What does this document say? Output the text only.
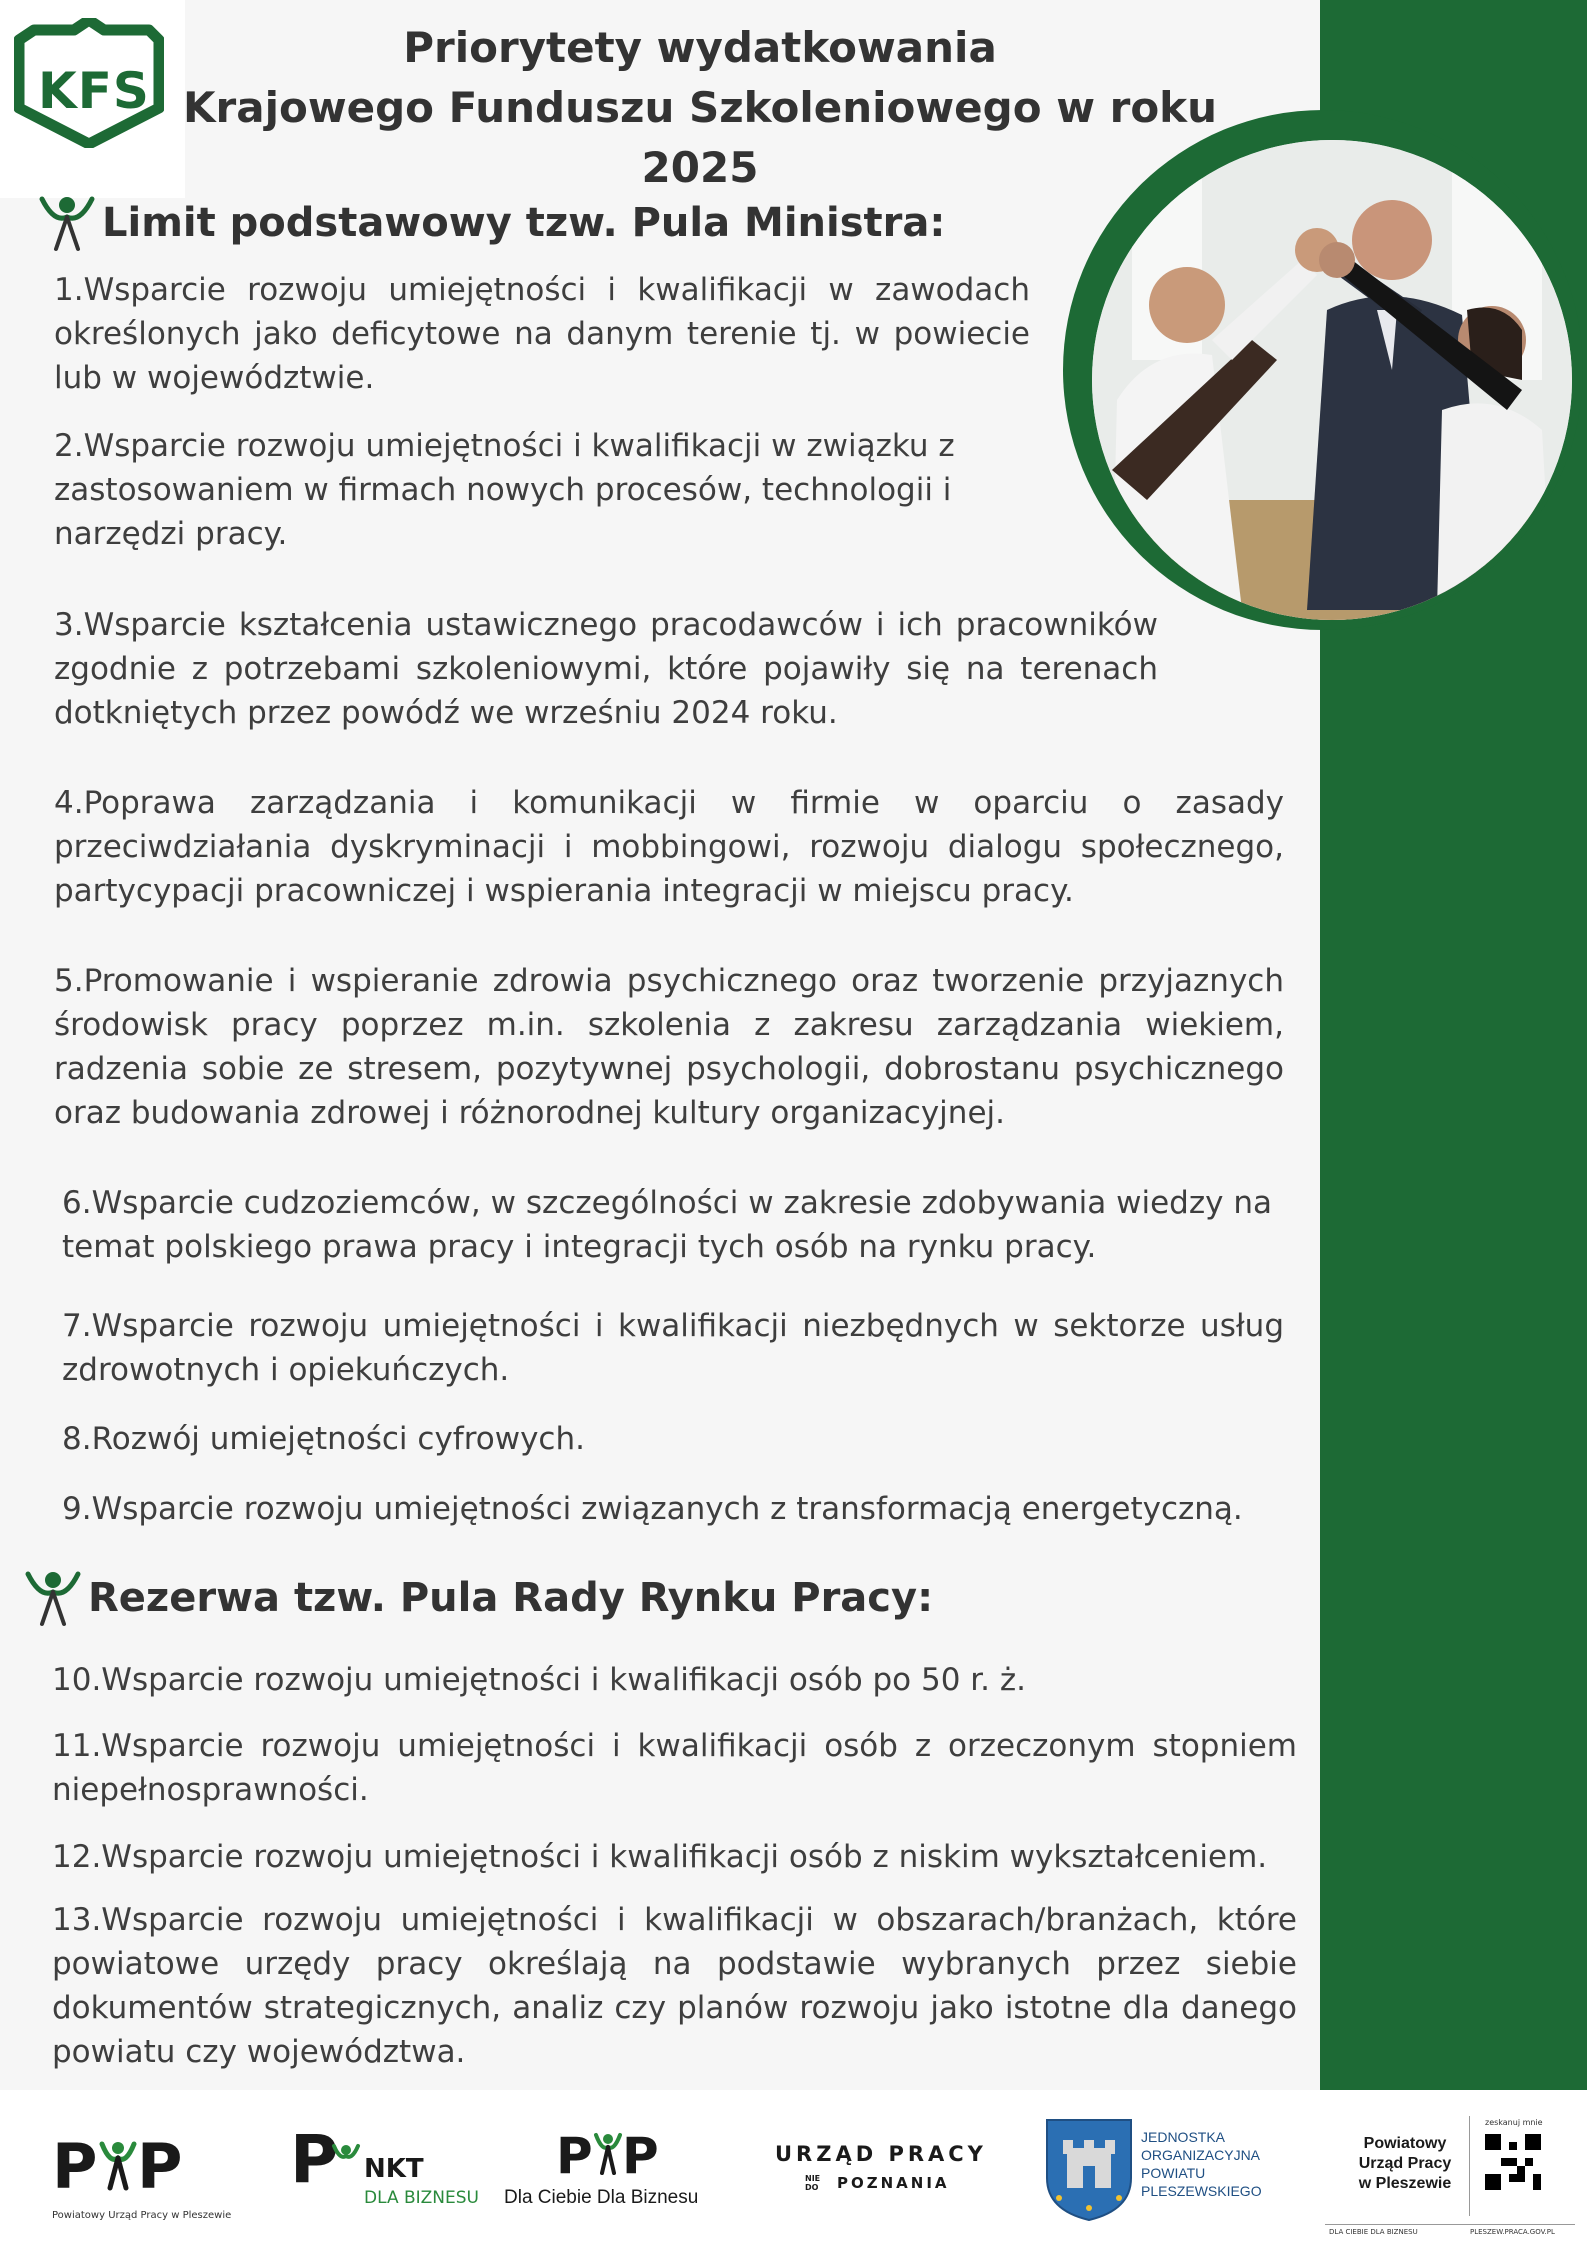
KFS
Priorytety wydatkowania
Krajowego Funduszu Szkoleniowego w roku 2025
Limit podstawowy tzw. Pula Ministra:
1.Wsparcie rozwoju umiejętności i kwalifikacji w zawodach określonych jako deficytowe na danym terenie tj. w powiecie lub w województwie.
2.Wsparcie rozwoju umiejętności i kwalifikacji w związku z zastosowaniem w firmach nowych procesów, technologii i narzędzi pracy.
3.Wsparcie kształcenia ustawicznego pracodawców i ich pracowników zgodnie z potrzebami szkoleniowymi, które pojawiły się na terenach dotkniętych przez powódź we wrześniu 2024 roku.
4.Poprawa zarządzania i komunikacji w firmie w oparciu o zasady przeciwdziałania dyskryminacji i mobbingowi, rozwoju dialogu społecznego, partycypacji pracowniczej i wspierania integracji w miejscu pracy.
5.Promowanie i wspieranie zdrowia psychicznego oraz tworzenie przyjaznych środowisk pracy poprzez m.in. szkolenia z zakresu zarządzania wiekiem, radzenia sobie ze stresem, pozytywnej psychologii, dobrostanu psychicznego oraz budowania zdrowej i różnorodnej kultury organizacyjnej.
6.Wsparcie cudzoziemców, w szczególności w zakresie zdobywania wiedzy na temat polskiego prawa pracy i integracji tych osób na rynku pracy.
7.Wsparcie rozwoju umiejętności i kwalifikacji niezbędnych w sektorze usług zdrowotnych i opiekuńczych.
8.Rozwój umiejętności cyfrowych.
9.Wsparcie rozwoju umiejętności związanych z transformacją energetyczną.
Rezerwa tzw. Pula Rady Rynku Pracy:
10.Wsparcie rozwoju umiejętności i kwalifikacji osób po 50 r. ż.
11.Wsparcie rozwoju umiejętności i kwalifikacji osób z orzeczonym stopniem niepełnosprawności.
12.Wsparcie rozwoju umiejętności i kwalifikacji osób z niskim wykształceniem.
13.Wsparcie rozwoju umiejętności i kwalifikacji w obszarach/branżach, które powiatowe urzędy pracy określają na podstawie wybranych przez siebie dokumentów strategicznych, analiz czy planów rozwoju jako istotne dla danego powiatu czy województwa.
P P
Powiatowy Urząd Pracy w Pleszewie
P NKT
DLA BIZNESU
P P
Dla Ciebie Dla Biznesu
URZĄD PRACY
NIE
DO POZNANIA
JEDNOSTKA
ORGANIZACYJNA
POWIATU
PLESZEWSKIEGO
Powiatowy
Urząd Pracy
w Pleszewie
zeskanuj mnie
DLA CIEBIE DLA BIZNESU	PLESZEW.PRACA.GOV.PL
